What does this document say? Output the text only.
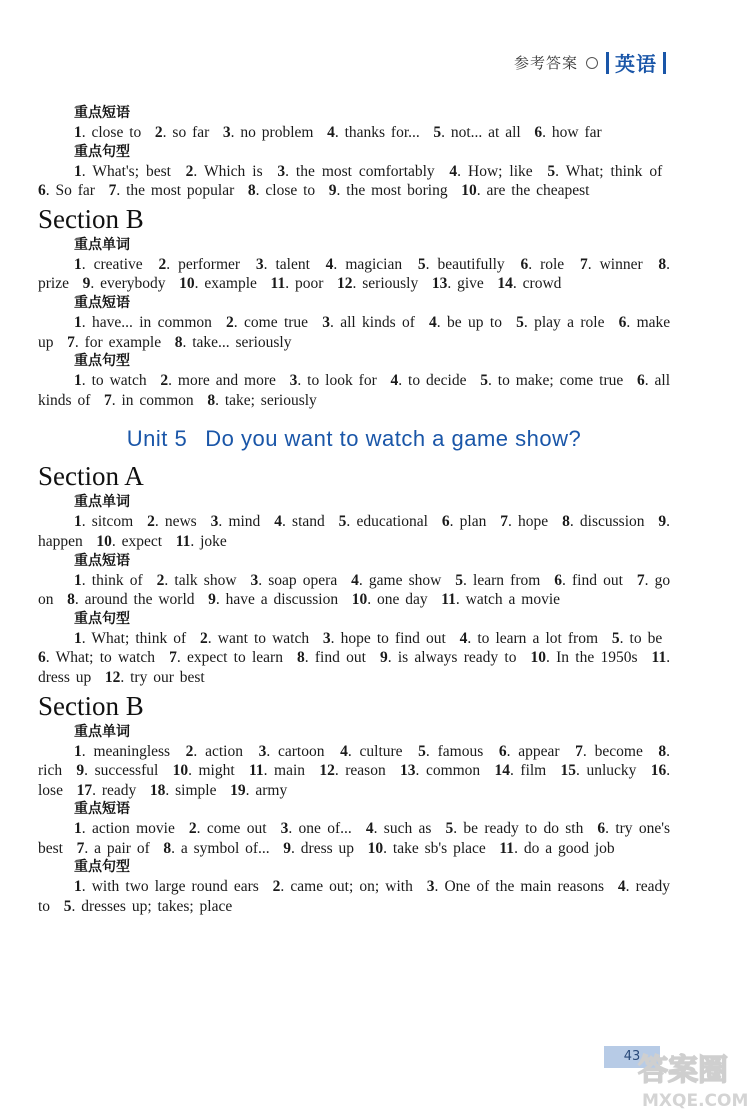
参考答案 英语
重点短语
1. close to  2. so far  3. no problem  4. thanks for...  5. not... at all  6. how far
重点句型
1. What's; best  2. Which is  3. the most comfortably  4. How; like  5. What; think of  6. So far  7. the most popular  8. close to  9. the most boring  10. are the cheapest
Section B
重点单词
1. creative  2. performer  3. talent  4. magician  5. beautifully  6. role  7. winner  8. prize  9. everybody  10. example  11. poor  12. seriously  13. give  14. crowd
重点短语
1. have... in common  2. come true  3. all kinds of  4. be up to  5. play a role  6. make up  7. for example  8. take... seriously
重点句型
1. to watch  2. more and more  3. to look for  4. to decide  5. to make; come true  6. all kinds of  7. in common  8. take; seriously
Unit 5 Do you want to watch a game show?
Section A
重点单词
1. sitcom  2. news  3. mind  4. stand  5. educational  6. plan  7. hope  8. discussion  9. happen  10. expect  11. joke
重点短语
1. think of  2. talk show  3. soap opera  4. game show  5. learn from  6. find out  7. go on  8. around the world  9. have a discussion  10. one day  11. watch a movie
重点句型
1. What; think of  2. want to watch  3. hope to find out  4. to learn a lot from  5. to be  6. What; to watch  7. expect to learn  8. find out  9. is always ready to  10. In the 1950s  11. dress up  12. try our best
Section B
重点单词
1. meaningless  2. action  3. cartoon  4. culture  5. famous  6. appear  7. become  8. rich  9. successful  10. might  11. main  12. reason  13. common  14. film  15. unlucky  16. lose  17. ready  18. simple  19. army
重点短语
1. action movie  2. come out  3. one of...  4. such as  5. be ready to do sth  6. try one's best  7. a pair of  8. a symbol of...  9. dress up  10. take sb's place  11. do a good job
重点句型
1. with two large round ears  2. came out; on; with  3. One of the main reasons  4. ready to  5. dresses up; takes; place
43
答案圈
MXQE.COM
